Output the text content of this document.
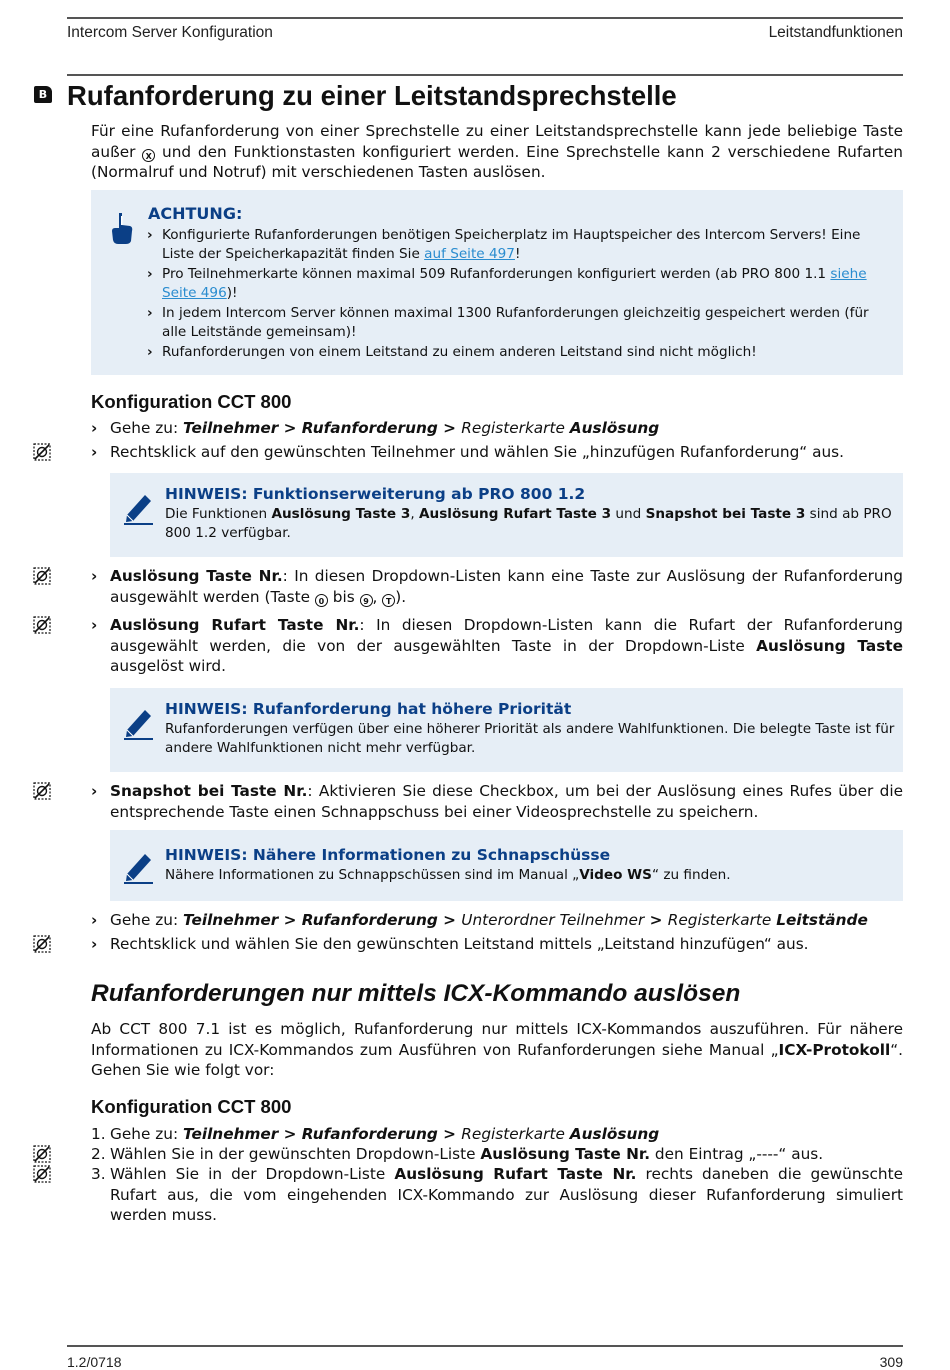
Intercom Server Konfiguration	Leitstandfunktionen
B Rufanforderung zu einer Leitstandsprechstelle
Für eine Rufanforderung von einer Sprechstelle zu einer Leitstandsprechstelle kann jede beliebige Taste außer X und den Funktionstasten konfiguriert werden. Eine Sprechstelle kann 2 verschiedene Rufarten (Normalruf und Notruf) mit verschiedenen Tasten auslösen.
ACHTUNG:
› Konfigurierte Rufanforderungen benötigen Speicherplatz im Hauptspeicher des Intercom Servers! Eine Liste der Speicherkapazität finden Sie auf Seite 497!
› Pro Teilnehmerkarte können maximal 509 Rufanforderungen konfiguriert werden (ab PRO 800 1.1 siehe Seite 496)!
› In jedem Intercom Server können maximal 1300 Rufanforderungen gleichzeitig gespeichert werden (für alle Leitstände gemeinsam)!
› Rufanforderungen von einem Leitstand zu einem anderen Leitstand sind nicht möglich!
Konfiguration CCT 800
› Gehe zu: Teilnehmer > Rufanforderung > Registerkarte Auslösung
› Rechtsklick auf den gewünschten Teilnehmer und wählen Sie „hinzufügen Rufanforderung“ aus.
HINWEIS: Funktionserweiterung ab PRO 800 1.2
Die Funktionen Auslösung Taste 3, Auslösung Rufart Taste 3 und Snapshot bei Taste 3 sind ab PRO 800 1.2 verfügbar.
› Auslösung Taste Nr.: In diesen Dropdown-Listen kann eine Taste zur Auslösung der Rufanforderung ausgewählt werden (Taste 0 bis 9 , T ).
› Auslösung Rufart Taste Nr.: In diesen Dropdown-Listen kann die Rufart der Rufanforderung ausgewählt werden, die von der ausgewählten Taste in der Dropdown-Liste Auslösung Taste ausgelöst wird.
HINWEIS: Rufanforderung hat höhere Priorität
Rufanforderungen verfügen über eine höherer Priorität als andere Wahlfunktionen. Die belegte Taste ist für andere Wahlfunktionen nicht mehr verfügbar.
› Snapshot bei Taste Nr.: Aktivieren Sie diese Checkbox, um bei der Auslösung eines Rufes über die entsprechende Taste einen Schnappschuss bei einer Videosprechstelle zu speichern.
HINWEIS: Nähere Informationen zu Schnapschüsse
Nähere Informationen zu Schnappschüssen sind im Manual „Video WS“ zu finden.
› Gehe zu: Teilnehmer > Rufanforderung > Unterordner Teilnehmer > Registerkarte Leitstände
› Rechtsklick und wählen Sie den gewünschten Leitstand mittels „Leitstand hinzufügen“ aus.
Rufanforderungen nur mittels ICX-Kommando auslösen
Ab CCT 800 7.1 ist es möglich, Rufanforderung nur mittels ICX-Kommandos auszuführen. Für nähere Informationen zu ICX-Kommandos zum Ausführen von Rufanforderungen siehe Manual „ICX-Protokoll“. Gehen Sie wie folgt vor:
Konfiguration CCT 800
1. Gehe zu: Teilnehmer > Rufanforderung > Registerkarte Auslösung
2. Wählen Sie in der gewünschten Dropdown-Liste Auslösung Taste Nr. den Eintrag „----“ aus.
3. Wählen Sie in der Dropdown-Liste Auslösung Rufart Taste Nr. rechts daneben die gewünschte Rufart aus, die vom eingehenden ICX-Kommando zur Auslösung dieser Rufanforderung simuliert werden muss.
1.2/0718	309
